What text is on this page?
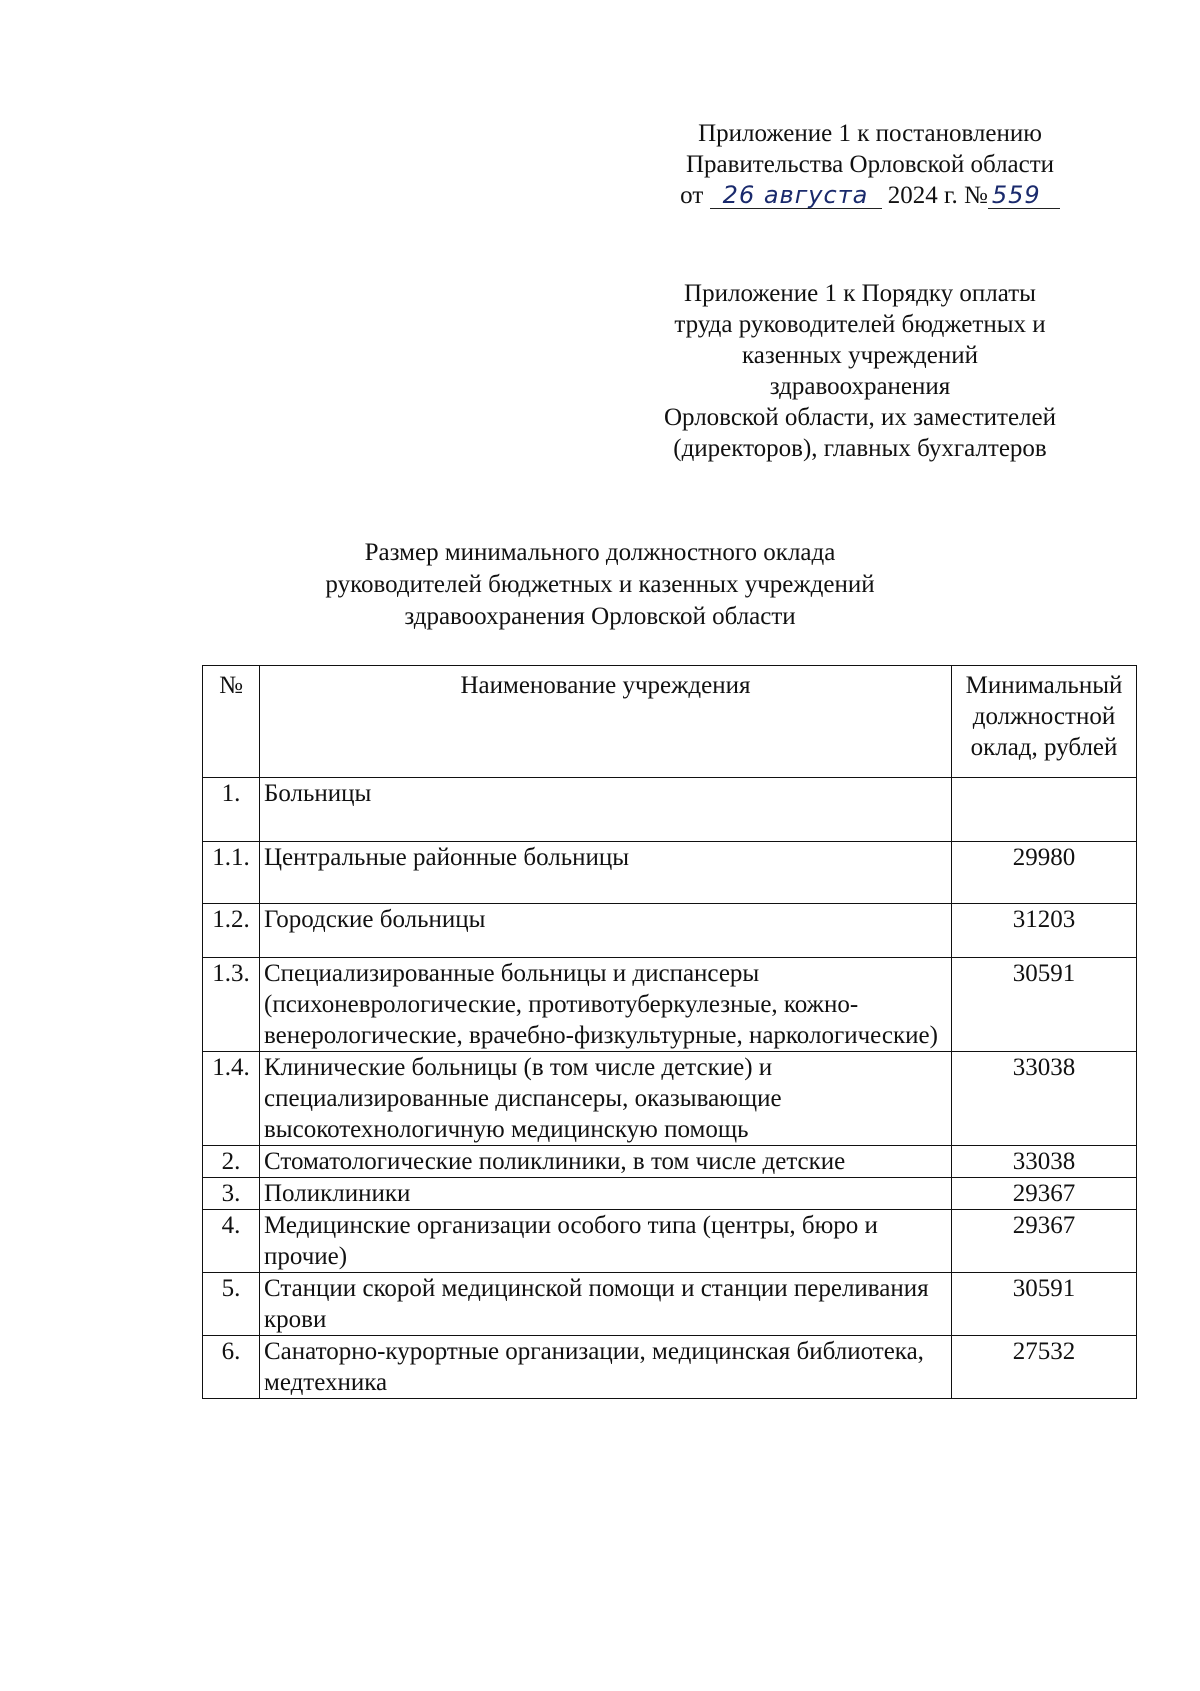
Приложение 1 к постановлению
Правительства Орловской области
от 26 августа 2024 г. № 559
Приложение 1 к Порядку оплаты
труда руководителей бюджетных и
казенных учреждений
здравоохранения
Орловской области, их заместителей
(директоров), главных бухгалтеров
Размер минимального должностного оклада
руководителей бюджетных и казенных учреждений
здравоохранения Орловской области
№	Наименование учреждения	Минимальный должностной оклад, рублей
1.	Больницы	
1.1.	Центральные районные больницы	29980
1.2.	Городские больницы	31203
1.3.	Специализированные больницы и диспансеры (психоневрологические, противотуберкулезные, кожно-венерологические, врачебно-физкультурные, наркологические)	30591
1.4.	Клинические больницы (в том числе детские) и специализированные диспансеры, оказывающие высокотехнологичную медицинскую помощь	33038
2.	Стоматологические поликлиники, в том числе детские	33038
3.	Поликлиники	29367
4.	Медицинские организации особого типа (центры, бюро и прочие)	29367
5.	Станции скорой медицинской помощи и станции переливания крови	30591
6.	Санаторно-курортные организации, медицинская библиотека, медтехника	27532
